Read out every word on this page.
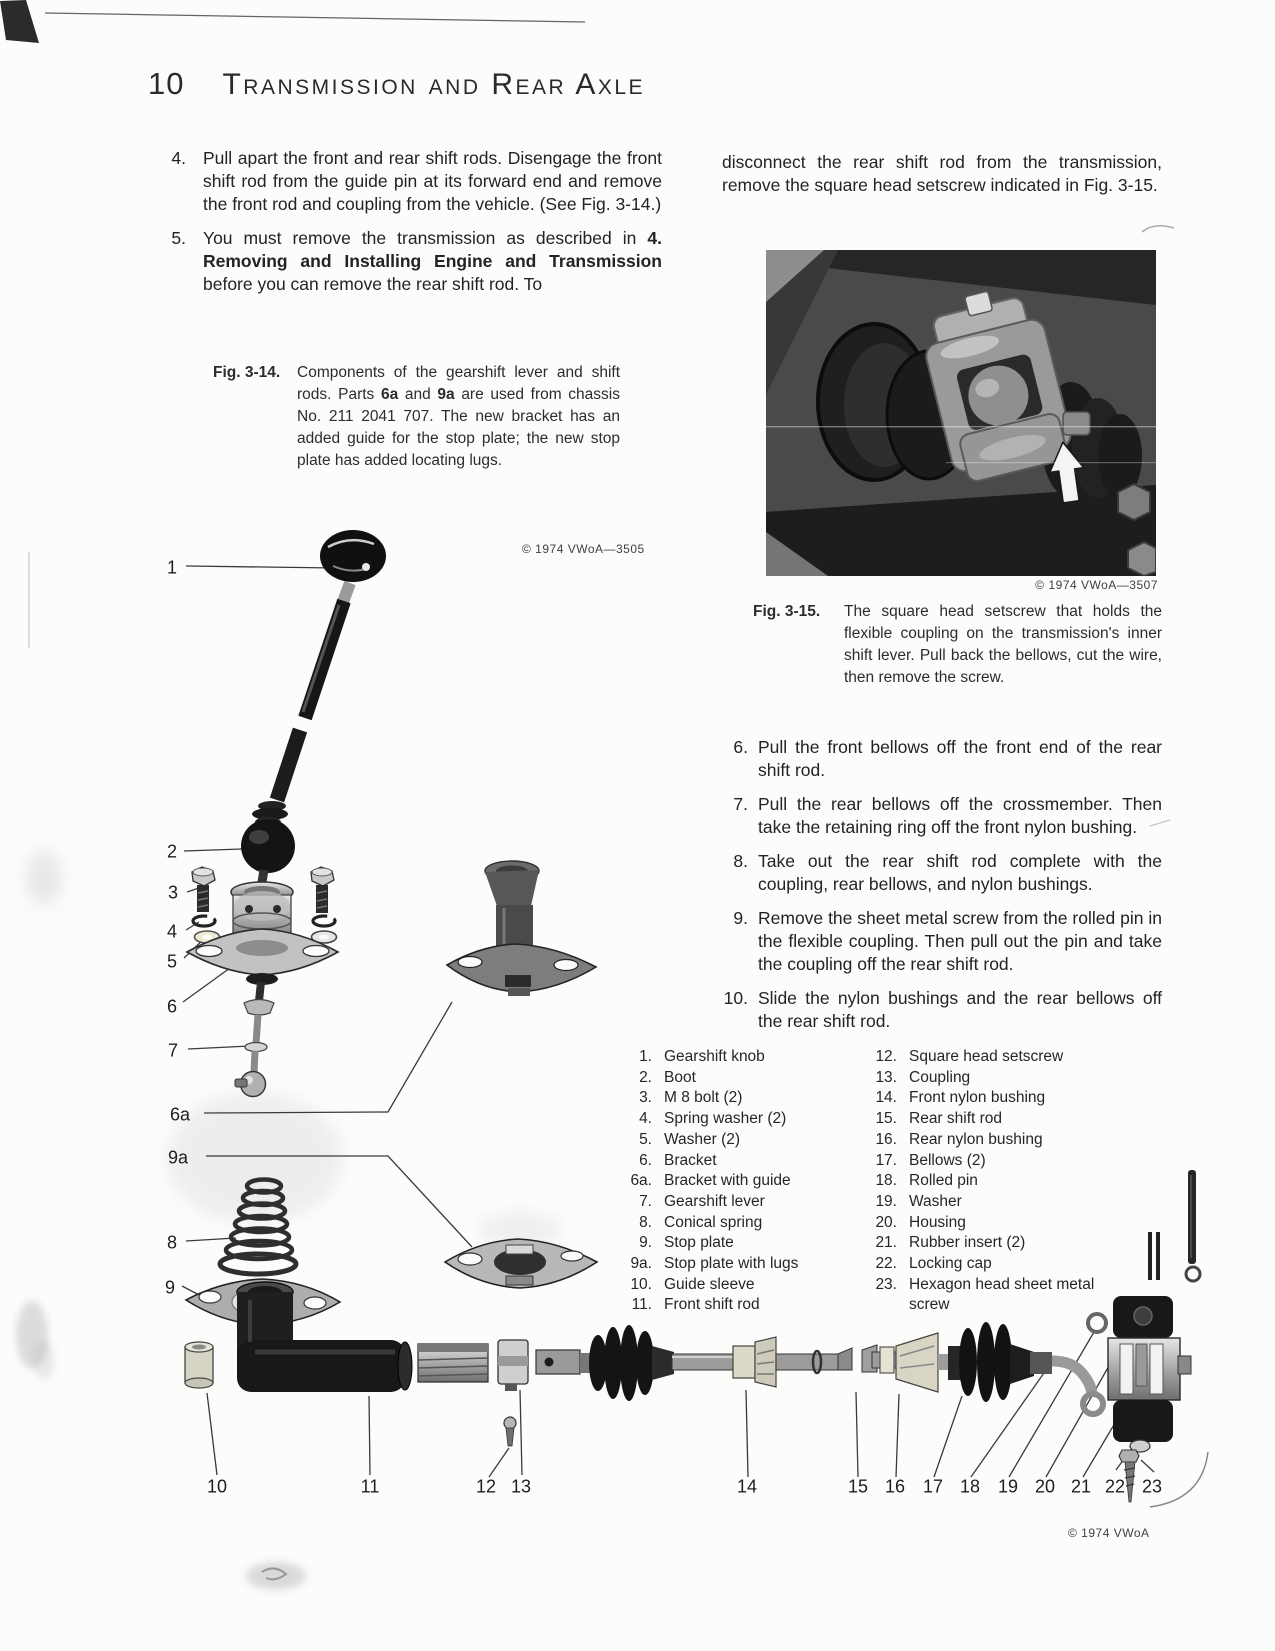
10 Transmission and Rear Axle
4. Pull apart the front and rear shift rods. Disengage the front shift rod from the guide pin at its forward end and remove the front rod and coupling from the vehicle. (See Fig. 3-14.)
5. You must remove the transmission as described in 4. Removing and Installing Engine and Transmission before you can remove the rear shift rod. To
Fig. 3-14. Components of the gearshift lever and shift rods. Parts 6a and 9a are used from chassis No. 211 2041 707. The new bracket has an added guide for the stop plate; the new stop plate has added locating lugs.
© 1974 VWoA—3505
disconnect the rear shift rod from the transmission, remove the square head setscrew indicated in Fig. 3-15.
© 1974 VWoA—3507
Fig. 3-15. The square head setscrew that holds the flexible coupling on the transmission's inner shift lever. Pull back the bellows, cut the wire, then remove the screw.
6. Pull the front bellows off the front end of the rear shift rod.
7. Pull the rear bellows off the crossmember. Then take the retaining ring off the front nylon bushing.
8. Take out the rear shift rod complete with the coupling, rear bellows, and nylon bushings.
9. Remove the sheet metal screw from the rolled pin in the flexible coupling. Then pull out the pin and take the coupling off the rear shift rod.
10. Slide the nylon bushings and the rear bellows off the rear shift rod.
1. Gearshift knob
2. Boot
3. M 8 bolt (2)
4. Spring washer (2)
5. Washer (2)
6. Bracket
6a. Bracket with guide
7. Gearshift lever
8. Conical spring
9. Stop plate
9a. Stop plate with lugs
10. Guide sleeve
11. Front shift rod
12. Square head setscrew
13. Coupling
14. Front nylon bushing
15. Rear shift rod
16. Rear nylon bushing
17. Bellows (2)
18. Rolled pin
19. Washer
20. Housing
21. Rubber insert (2)
22. Locking cap
23. Hexagon head sheet metal screw
1
2
3
4
5
6
7
6a
9a
8
9
10	11	12 13	14	15 16 17 18 19 20 21 22 23
© 1974 VWoA
